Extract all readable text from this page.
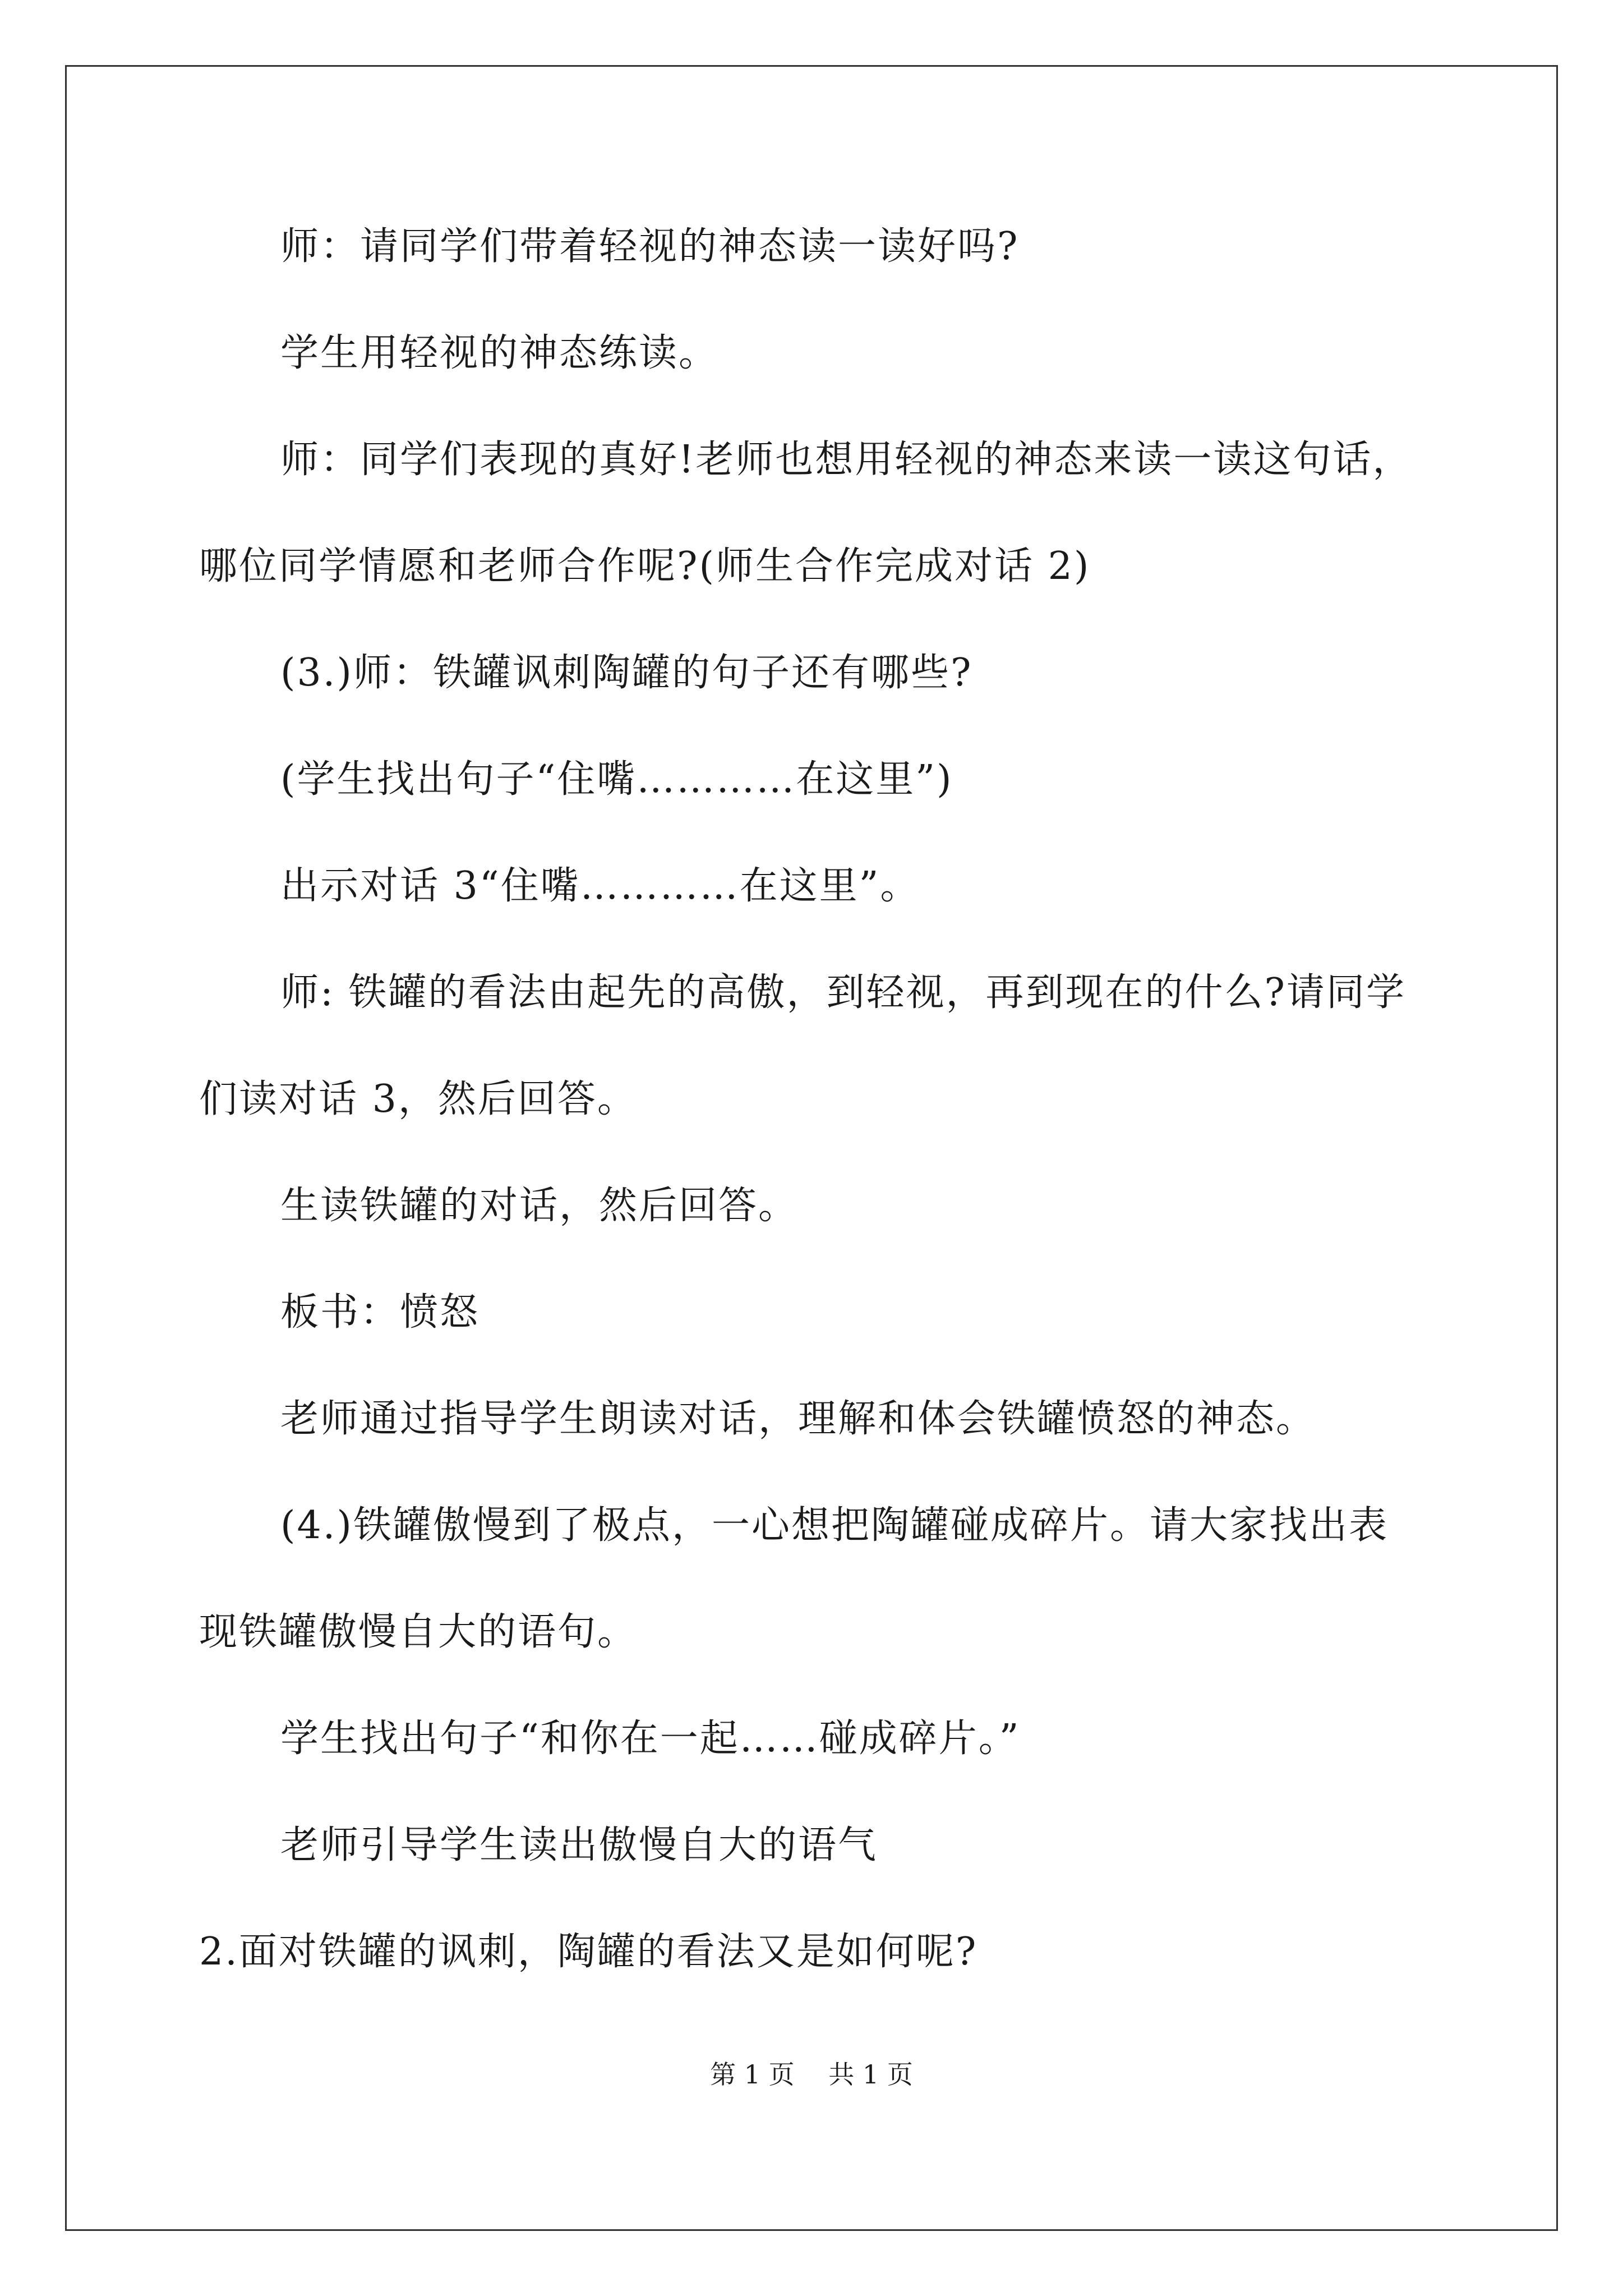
师：请同学们带着轻视的神态读一读好吗?
学生用轻视的神态练读。
师：同学们表现的真好!老师也想用轻视的神态来读一读这句话，
哪位同学情愿和老师合作呢?(师生合作完成对话 2)
(3.)师：铁罐讽刺陶罐的句子还有哪些?
(学生找出句子“住嘴…………在这里”)
出示对话 3“住嘴…………在这里”。
师: 铁罐的看法由起先的高傲，到轻视，再到现在的什么?请同学
们读对话 3，然后回答。
生读铁罐的对话，然后回答。
板书：愤怒
老师通过指导学生朗读对话，理解和体会铁罐愤怒的神态。
(4.)铁罐傲慢到了极点，一心想把陶罐碰成碎片。请大家找出表
现铁罐傲慢自大的语句。
学生找出句子“和你在一起……碰成碎片。”
老师引导学生读出傲慢自大的语气
2.面对铁罐的讽刺，陶罐的看法又是如何呢?
第 1 页　 共 1 页
